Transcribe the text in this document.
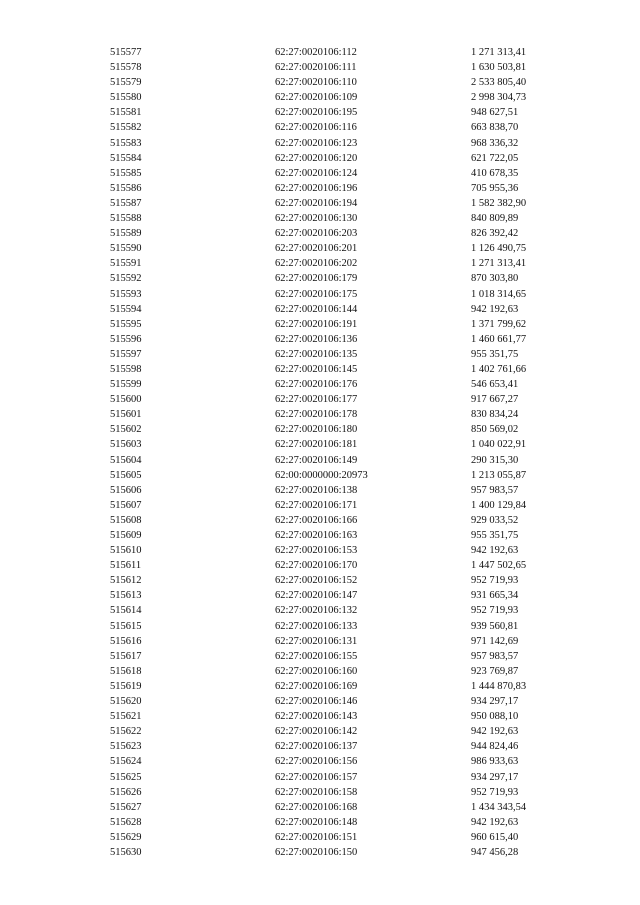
515577	62:27:0020106:112	1 271 313,41
515578	62:27:0020106:111	1 630 503,81
515579	62:27:0020106:110	2 533 805,40
515580	62:27:0020106:109	2 998 304,73
515581	62:27:0020106:195	948 627,51
515582	62:27:0020106:116	663 838,70
515583	62:27:0020106:123	968 336,32
515584	62:27:0020106:120	621 722,05
515585	62:27:0020106:124	410 678,35
515586	62:27:0020106:196	705 955,36
515587	62:27:0020106:194	1 582 382,90
515588	62:27:0020106:130	840 809,89
515589	62:27:0020106:203	826 392,42
515590	62:27:0020106:201	1 126 490,75
515591	62:27:0020106:202	1 271 313,41
515592	62:27:0020106:179	870 303,80
515593	62:27:0020106:175	1 018 314,65
515594	62:27:0020106:144	942 192,63
515595	62:27:0020106:191	1 371 799,62
515596	62:27:0020106:136	1 460 661,77
515597	62:27:0020106:135	955 351,75
515598	62:27:0020106:145	1 402 761,66
515599	62:27:0020106:176	546 653,41
515600	62:27:0020106:177	917 667,27
515601	62:27:0020106:178	830 834,24
515602	62:27:0020106:180	850 569,02
515603	62:27:0020106:181	1 040 022,91
515604	62:27:0020106:149	290 315,30
515605	62:00:0000000:20973	1 213 055,87
515606	62:27:0020106:138	957 983,57
515607	62:27:0020106:171	1 400 129,84
515608	62:27:0020106:166	929 033,52
515609	62:27:0020106:163	955 351,75
515610	62:27:0020106:153	942 192,63
515611	62:27:0020106:170	1 447 502,65
515612	62:27:0020106:152	952 719,93
515613	62:27:0020106:147	931 665,34
515614	62:27:0020106:132	952 719,93
515615	62:27:0020106:133	939 560,81
515616	62:27:0020106:131	971 142,69
515617	62:27:0020106:155	957 983,57
515618	62:27:0020106:160	923 769,87
515619	62:27:0020106:169	1 444 870,83
515620	62:27:0020106:146	934 297,17
515621	62:27:0020106:143	950 088,10
515622	62:27:0020106:142	942 192,63
515623	62:27:0020106:137	944 824,46
515624	62:27:0020106:156	986 933,63
515625	62:27:0020106:157	934 297,17
515626	62:27:0020106:158	952 719,93
515627	62:27:0020106:168	1 434 343,54
515628	62:27:0020106:148	942 192,63
515629	62:27:0020106:151	960 615,40
515630	62:27:0020106:150	947 456,28
